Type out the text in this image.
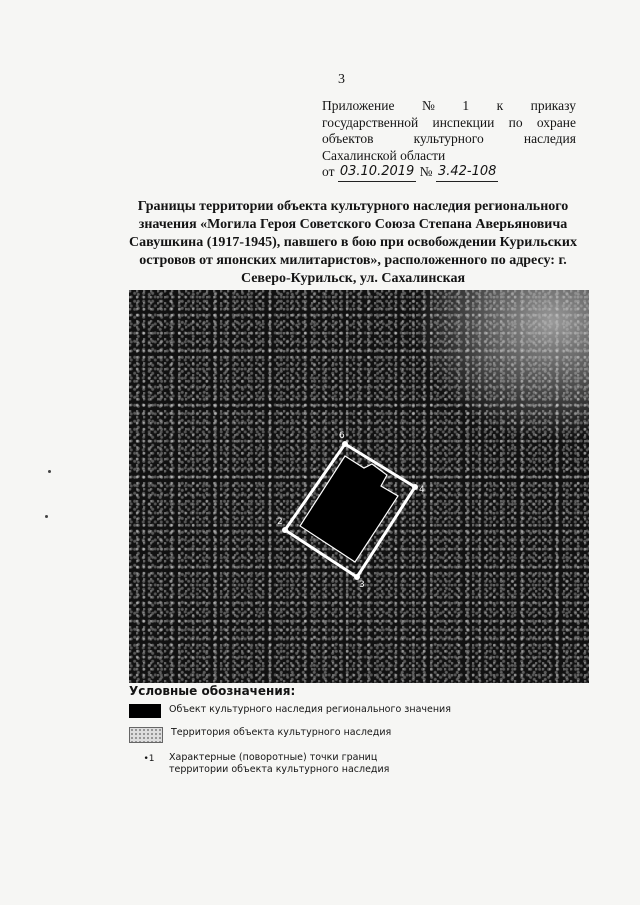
3
Приложение № 1 к приказу
государственной инспекции по охране
объектов	культурного	наследия
Сахалинской области
от
03.10.2019
№
3.42-108
Границы территории объекта культурного наследия регионального значения «Могила Героя Советского Союза Степана Аверьяновича Савушкина (1917-1945), павшего в бою при освобождении Курильских островов от японских милитаристов», расположенного по адресу: г. Северо-Курильск, ул. Сахалинская
6
4
3
2
Условные обозначения:
Объект культурного наследия регионального значения
Территория объекта культурного наследия
•1	Характерные (поворотные) точки границ
территории объекта культурного наследия
